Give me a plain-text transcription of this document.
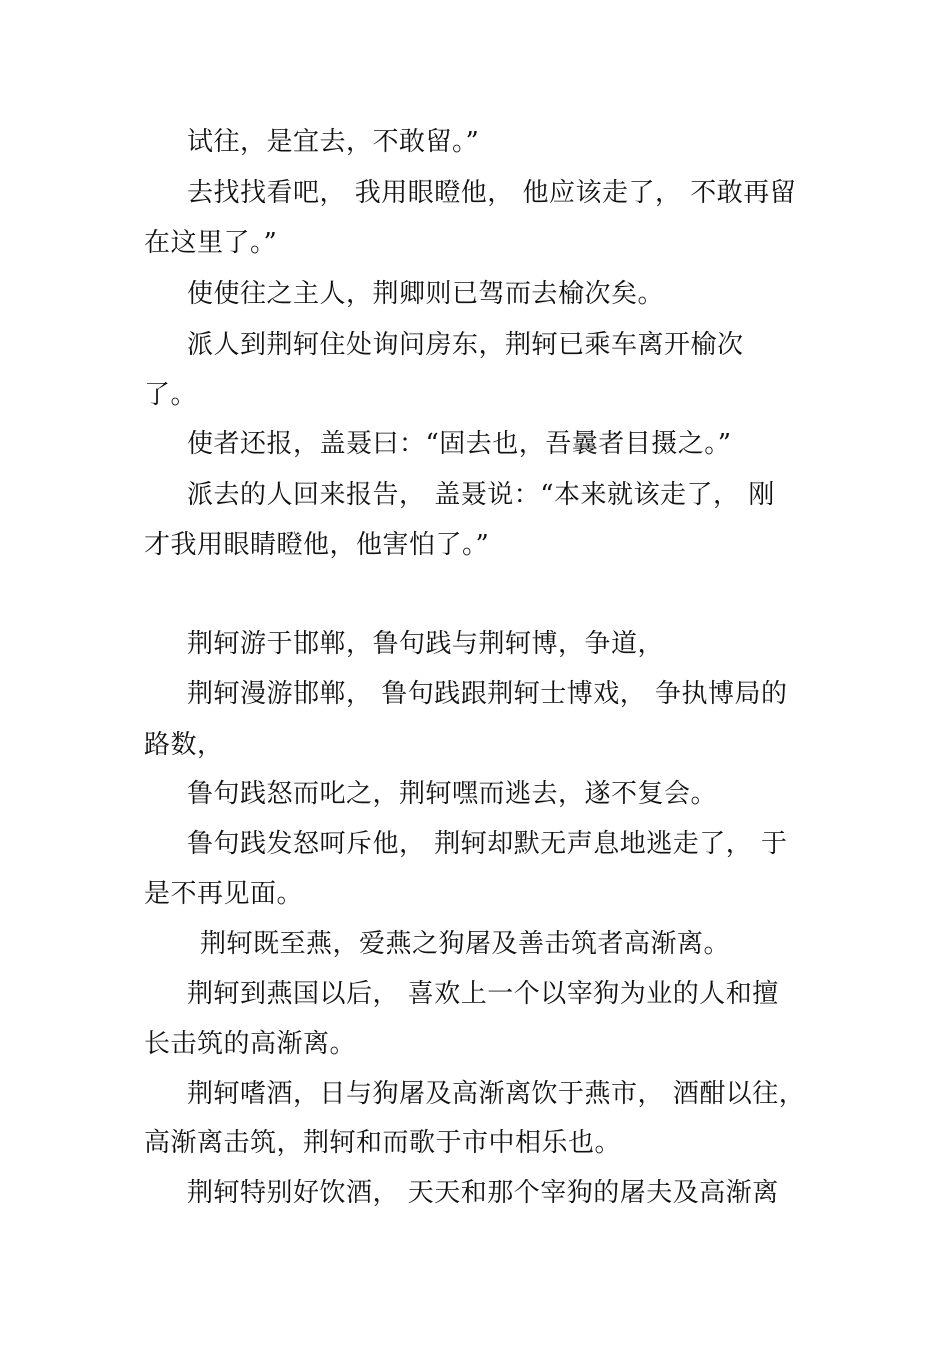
试往，是宜去，不敢留。”
去找找看吧， 我用眼瞪他， 他应该走了， 不敢再留
在这里了。”
使使往之主人，荆卿则已驾而去榆次矣。
派人到荆轲住处询问房东，荆轲已乘车离开榆次
了。
使者还报，盖聂曰：“固去也，吾曩者目摄之。”
派去的人回来报告， 盖聂说：“本来就该走了， 刚
才我用眼睛瞪他，他害怕了。”
荆轲游于邯郸，鲁句践与荆轲博，争道，
荆轲漫游邯郸， 鲁句践跟荆轲士博戏， 争执博局的
路数，
鲁句践怒而叱之，荆轲嘿而逃去，遂不复会。
鲁句践发怒呵斥他， 荆轲却默无声息地逃走了， 于
是不再见面。
荆轲既至燕，爱燕之狗屠及善击筑者高渐离。
荆轲到燕国以后， 喜欢上一个以宰狗为业的人和擅
长击筑的高渐离。
荆轲嗜酒，日与狗屠及高渐离饮于燕市， 酒酣以往，
高渐离击筑，荆轲和而歌于市中相乐也。
荆轲特别好饮酒， 天天和那个宰狗的屠夫及高渐离
